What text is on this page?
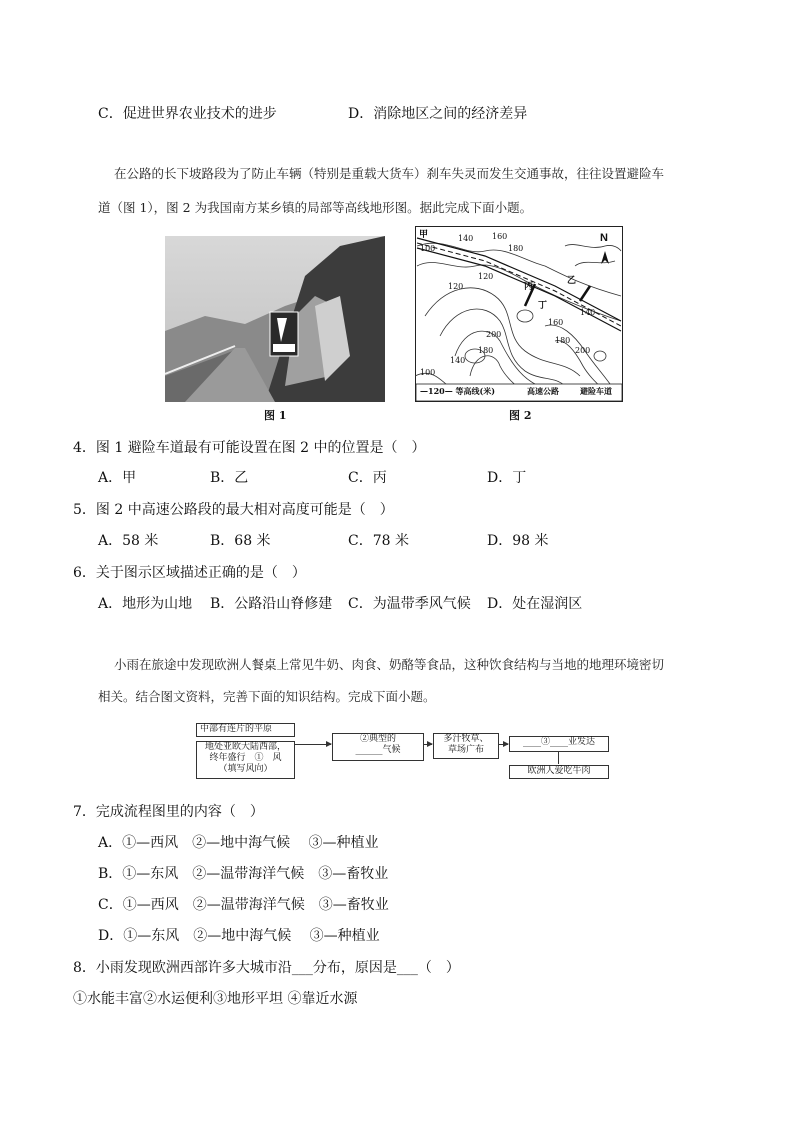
C．促进世界农业技术的进步	D．消除地区之间的经济差异

在公路的长下坡路段为了防止车辆（特别是重载大货车）刹车失灵而发生交通事故，往往设置避险车

道（图 1），图 2 为我国南方某乡镇的局部等高线地形图。据此完成下面小题。

图 1
甲	N
乙
丙
丁
100
140 160
180
120
120
140
160
180
200
140
180
200
100
—120— 等高线(米)	高速公路	避险车道
图 2
4．图 1 避险车道最有可能设置在图 2 中的位置是（　）
A．甲	B．乙	C．丙	D．丁
5．图 2 中高速公路段的最大相对高度可能是（　）
A．58 米	B．68 米	C．78 米	D．98 米
6．关于图示区域描述正确的是（　）
A．地形为山地 B．公路沿山脊修建 C．为温带季风气候 D．处在湿润区

小雨在旅途中发现欧洲人餐桌上常见牛奶、肉食、奶酪等食品，这种饮食结构与当地的地理环境密切

相关。结合图文资料，完善下面的知识结构。完成下面小题。

中部有连片的平原
地处亚欧大陆西部，
终年盛行　①　风
（填写风向）
②典型的
______气候
多汁牧草、
草场广布
____③____业发达
欧洲人爱吃牛肉
7．完成流程图里的内容（　）
A．①—西风　②—地中海气候　 ③—种植业
B．①—东风　②—温带海洋气候　③—畜牧业
C．①—西风　②—温带海洋气候　③—畜牧业
D．①—东风　②—地中海气候　 ③—种植业
8．小雨发现欧洲西部许多大城市沿___分布，原因是___（　）
①水能丰富②水运便利③地形平坦 ④靠近水源
